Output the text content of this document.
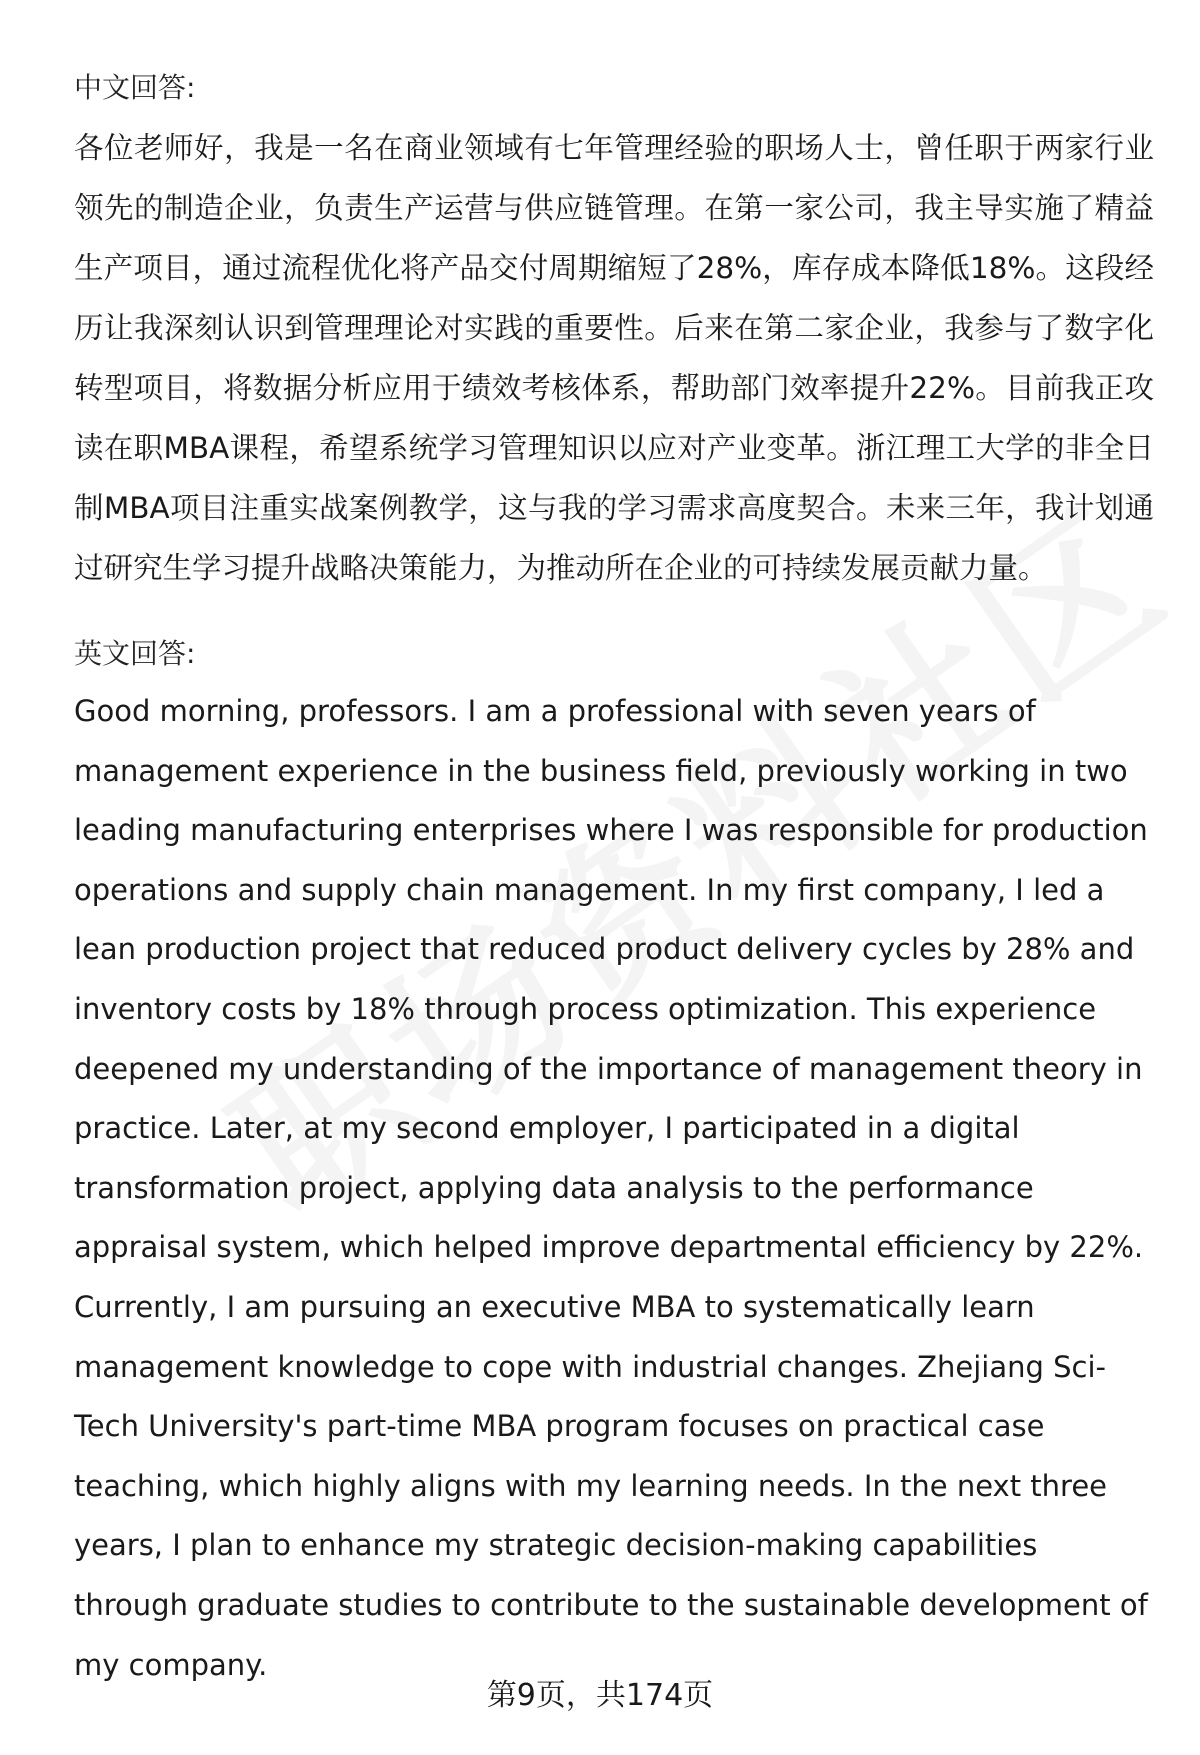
中文回答:

各位老师好，我是一名在商业领域有七年管理经验的职场人士，曾任职于两家行业领先的制造企业，负责生产运营与供应链管理。在第一家公司，我主导实施了精益生产项目，通过流程优化将产品交付周期缩短了28%，库存成本降低18%。这段经历让我深刻认识到管理理论对实践的重要性。后来在第二家企业，我参与了数字化转型项目，将数据分析应用于绩效考核体系，帮助部门效率提升22%。目前我正攻读在职MBA课程，希望系统学习管理知识以应对产业变革。浙江理工大学的非全日制MBA项目注重实战案例教学，这与我的学习需求高度契合。未来三年，我计划通过研究生学习提升战略决策能力，为推动所在企业的可持续发展贡献力量。

英文回答:

Good morning, professors. I am a professional with seven years of management experience in the business field, previously working in two leading manufacturing enterprises where I was responsible for production operations and supply chain management. In my first company, I led a lean production project that reduced product delivery cycles by 28% and inventory costs by 18% through process optimization. This experience deepened my understanding of the importance of management theory in practice. Later, at my second employer, I participated in a digital transformation project, applying data analysis to the performance appraisal system, which helped improve departmental efficiency by 22%. Currently, I am pursuing an executive MBA to systematically learn management knowledge to cope with industrial changes. Zhejiang Sci-Tech University's part-time MBA program focuses on practical case teaching, which highly aligns with my learning needs. In the next three years, I plan to enhance my strategic decision-making capabilities through graduate studies to contribute to the sustainable development of my company.

第9页，共174页
